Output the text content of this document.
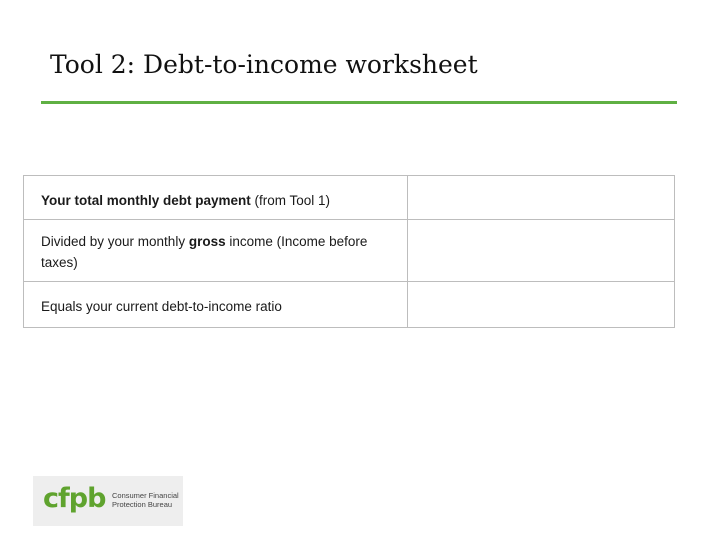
Tool 2: Debt-to-income worksheet
Your total monthly debt payment (from Tool 1)	
Divided by your monthly gross income (Income before taxes)	
Equals your current debt-to-income ratio	
cfpb Consumer Financial
Protection Bureau
